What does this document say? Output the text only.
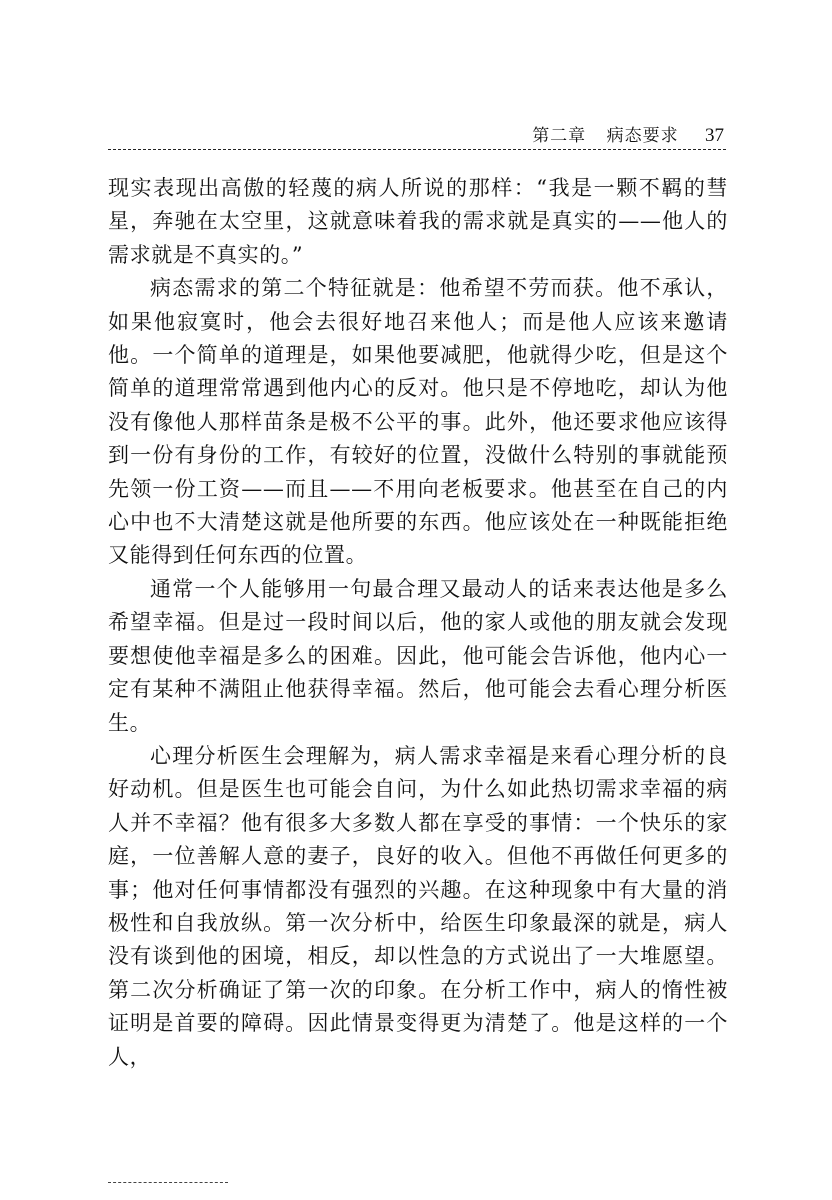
第二章 病态要求 37

现实表现出高傲的轻蔑的病人所说的那样：“我是一颗不羁的彗星，奔驰在太空里，这就意味着我的需求就是真实的——他人的需求就是不真实的。”

病态需求的第二个特征就是：他希望不劳而获。他不承认，如果他寂寞时，他会去很好地召来他人；而是他人应该来邀请他。一个简单的道理是，如果他要减肥，他就得少吃，但是这个简单的道理常常遇到他内心的反对。他只是不停地吃，却认为他没有像他人那样苗条是极不公平的事。此外，他还要求他应该得到一份有身份的工作，有较好的位置，没做什么特别的事就能预先领一份工资——而且——不用向老板要求。他甚至在自己的内心中也不大清楚这就是他所要的东西。他应该处在一种既能拒绝又能得到任何东西的位置。

通常一个人能够用一句最合理又最动人的话来表达他是多么希望幸福。但是过一段时间以后，他的家人或他的朋友就会发现要想使他幸福是多么的困难。因此，他可能会告诉他，他内心一定有某种不满阻止他获得幸福。然后，他可能会去看心理分析医生。

心理分析医生会理解为，病人需求幸福是来看心理分析的良好动机。但是医生也可能会自问，为什么如此热切需求幸福的病人并不幸福？他有很多大多数人都在享受的事情：一个快乐的家庭，一位善解人意的妻子，良好的收入。但他不再做任何更多的事；他对任何事情都没有强烈的兴趣。在这种现象中有大量的消极性和自我放纵。第一次分析中，给医生印象最深的就是，病人没有谈到他的困境，相反，却以性急的方式说出了一大堆愿望。第二次分析确证了第一次的印象。在分析工作中，病人的惰性被证明是首要的障碍。因此情景变得更为清楚了。他是这样的一个人，
